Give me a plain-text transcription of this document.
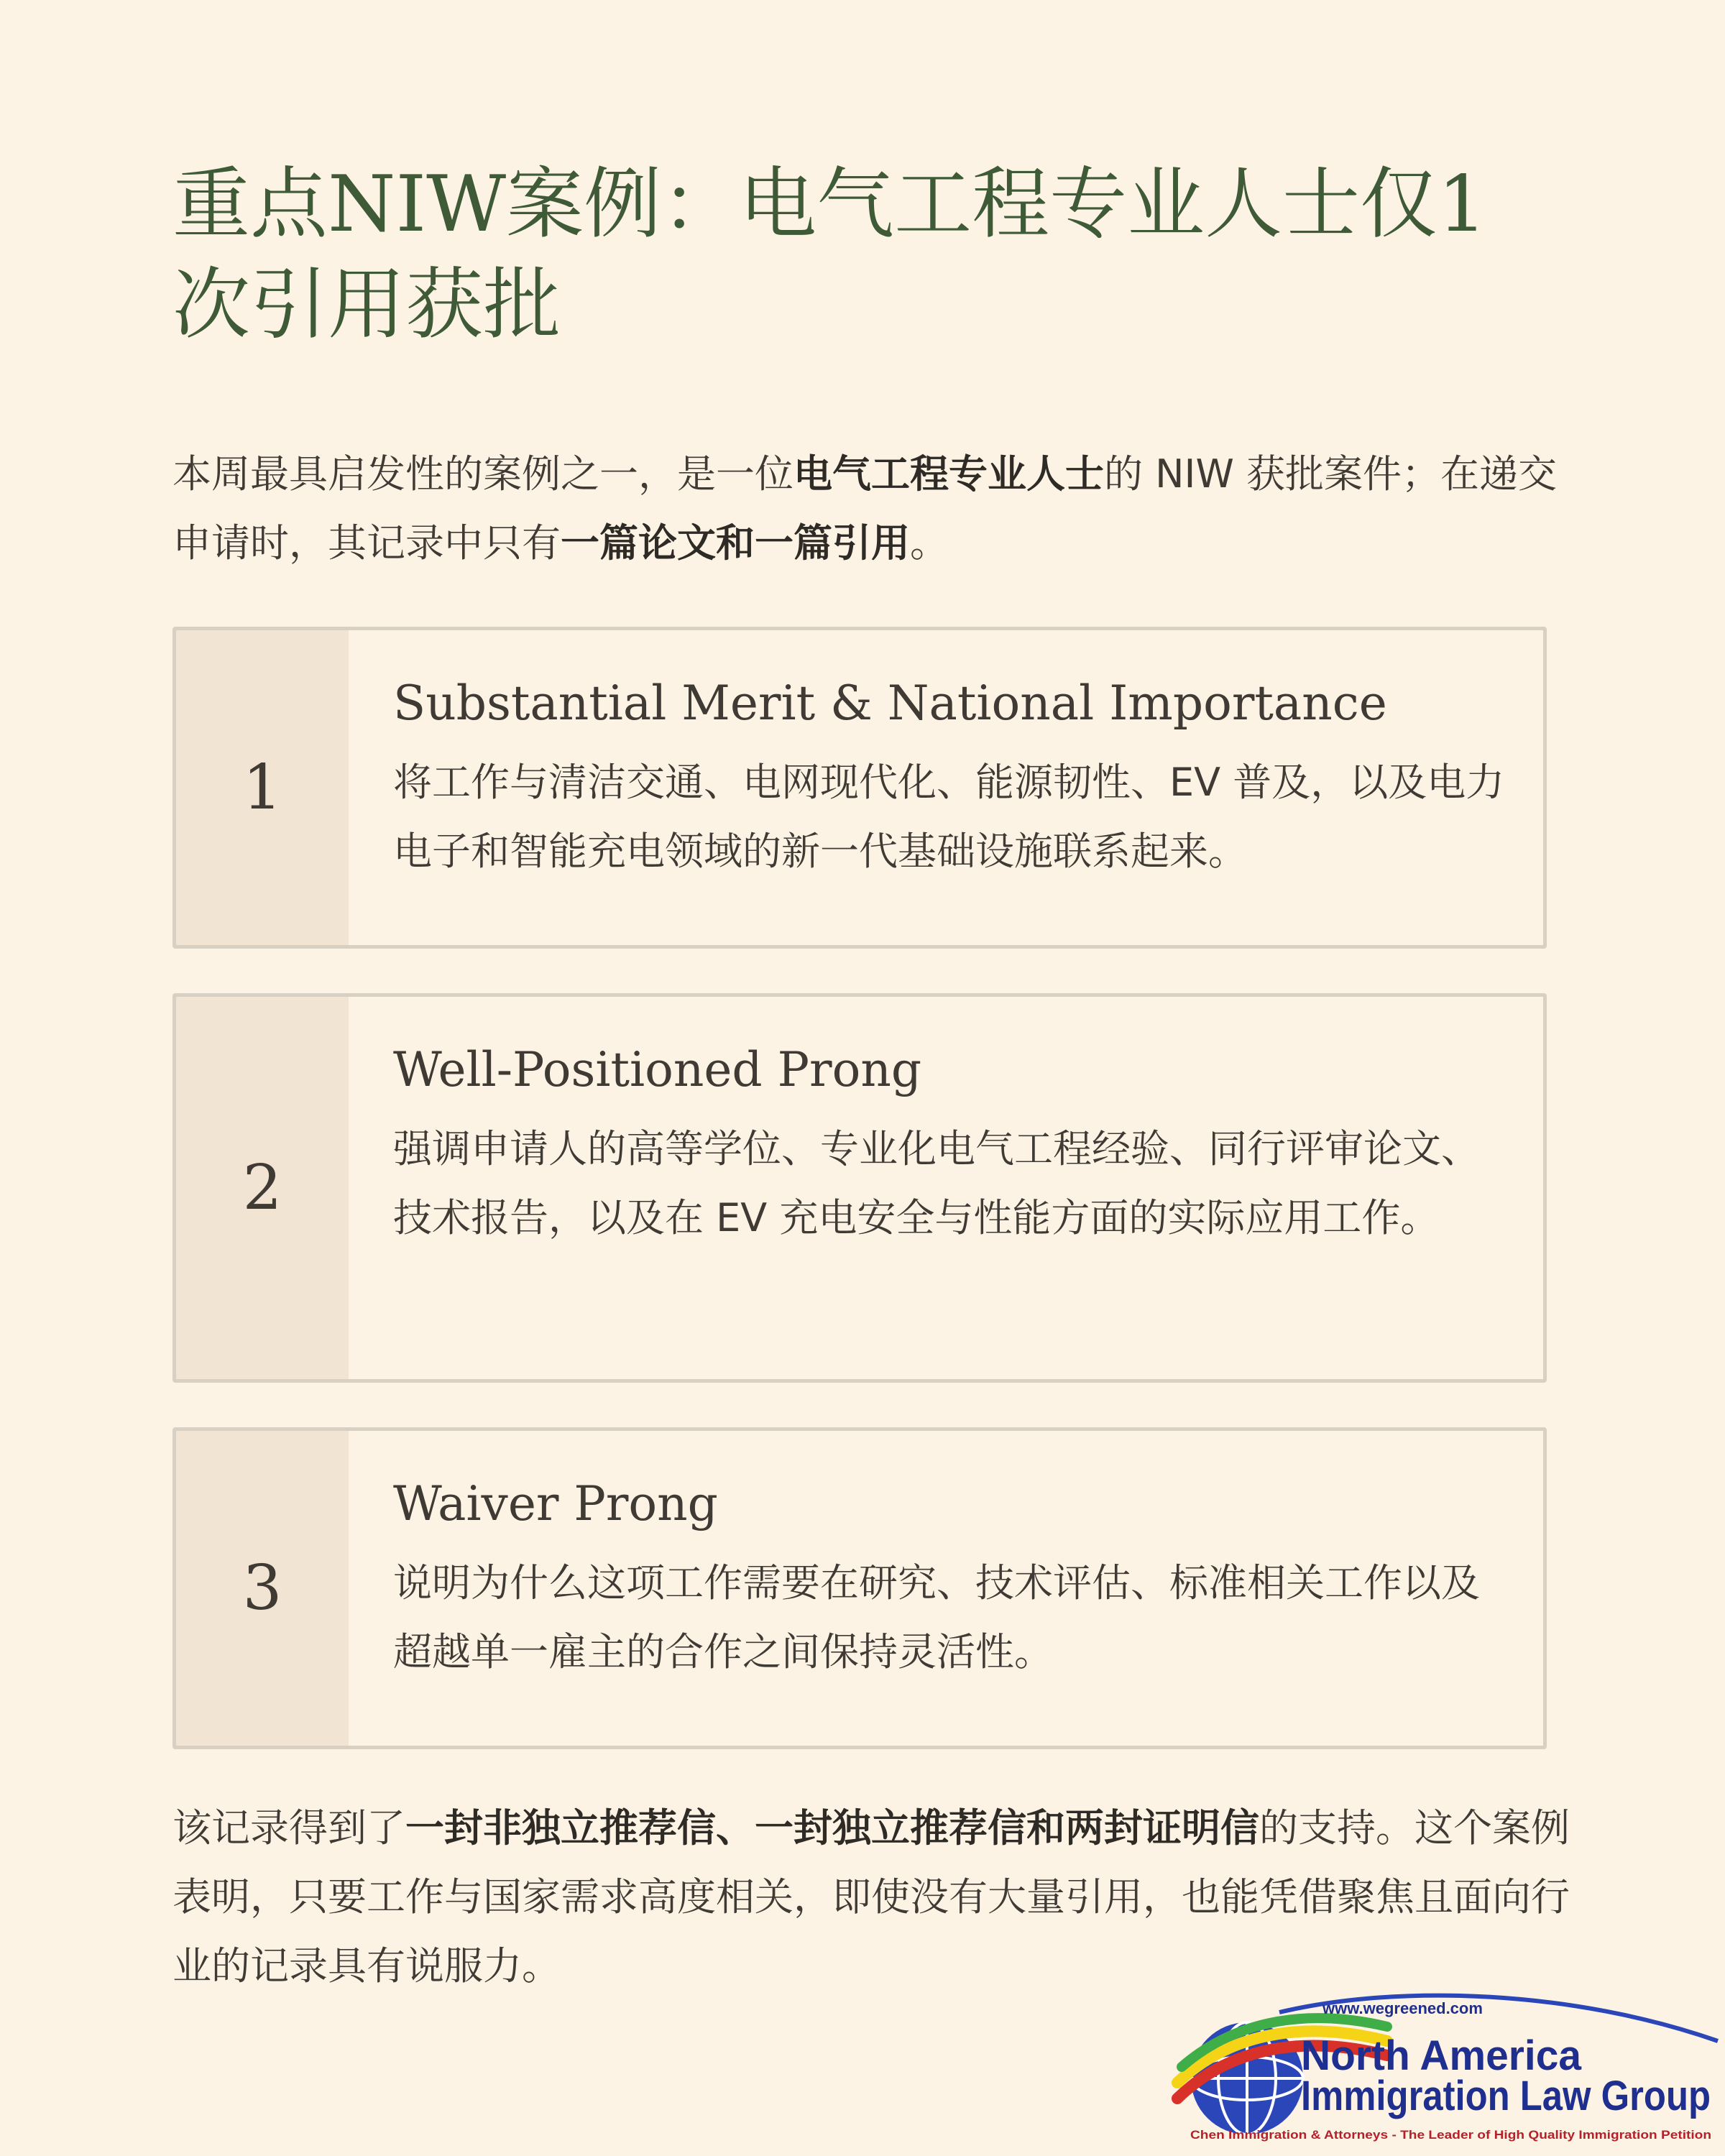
重点NIW案例：电气工程专业人士仅1次引用获批

本周最具启发性的案例之一，是一位电气工程专业人士的 NIW 获批案件；在递交申请时，其记录中只有一篇论文和一篇引用。

1
Substantial Merit & National Importance
将工作与清洁交通、电网现代化、能源韧性、EV 普及，以及电力电子和智能充电领域的新一代基础设施联系起来。
2
Well-Positioned Prong
强调申请人的高等学位、专业化电气工程经验、同行评审论文、技术报告，以及在 EV 充电安全与性能方面的实际应用工作。
3
Waiver Prong
说明为什么这项工作需要在研究、技术评估、标准相关工作以及超越单一雇主的合作之间保持灵活性。

该记录得到了一封非独立推荐信、一封独立推荐信和两封证明信的支持。这个案例表明，只要工作与国家需求高度相关，即使没有大量引用，也能凭借聚焦且面向行业的记录具有说服力。

www.wegreened.com
North America
Immigration Law Group
Chen Immigration & Attorneys - The Leader of High Quality Immigration Petition
